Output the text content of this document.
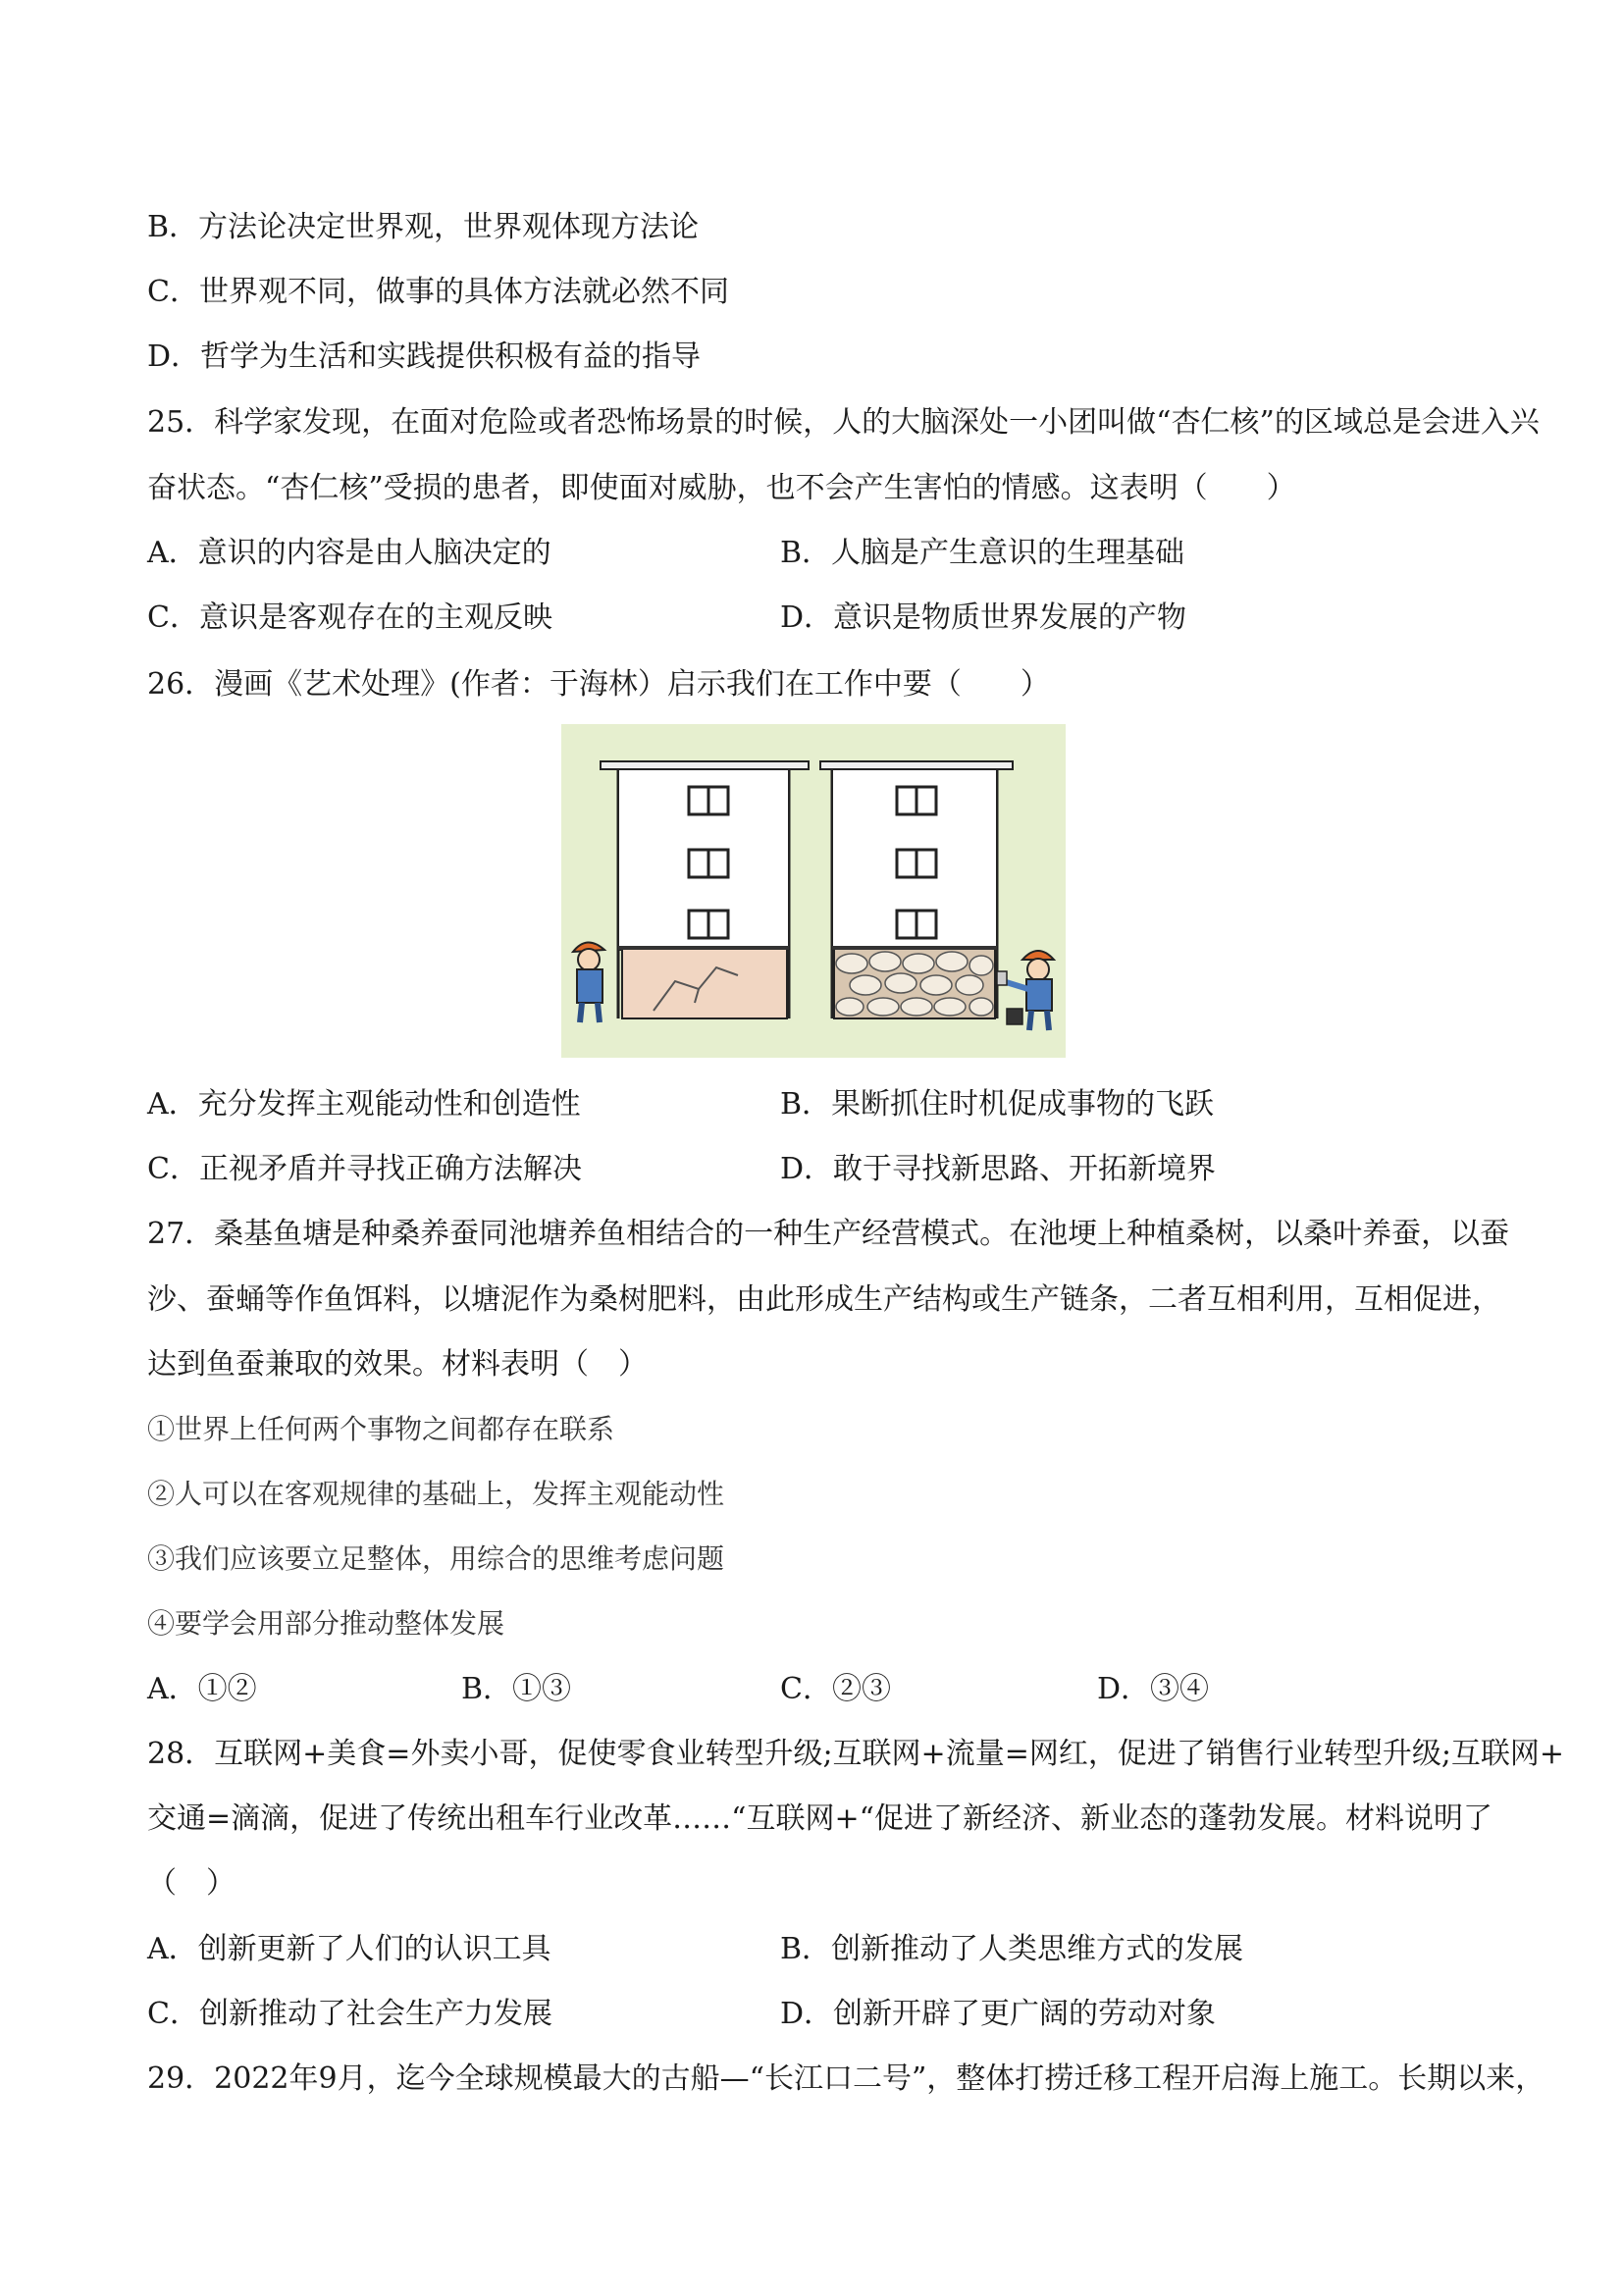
B．方法论决定世界观，世界观体现方法论
C．世界观不同，做事的具体方法就必然不同
D．哲学为生活和实践提供积极有益的指导
25．科学家发现，在面对危险或者恐怖场景的时候，人的大脑深处一小团叫做“杏仁核”的区域总是会进入兴
奋状态。“杏仁核”受损的患者，即使面对威胁，也不会产生害怕的情感。这表明（　　）
A．意识的内容是由人脑决定的	B．人脑是产生意识的生理基础
C．意识是客观存在的主观反映	D．意识是物质世界发展的产物
26．漫画《艺术处理》(作者：于海林）启示我们在工作中要（　　）
A．充分发挥主观能动性和创造性	B．果断抓住时机促成事物的飞跃
C．正视矛盾并寻找正确方法解决	D．敢于寻找新思路、开拓新境界
27．桑基鱼塘是种桑养蚕同池塘养鱼相结合的一种生产经营模式。在池埂上种植桑树，以桑叶养蚕，以蚕
沙、蚕蛹等作鱼饵料，以塘泥作为桑树肥料，由此形成生产结构或生产链条，二者互相利用，互相促进，
达到鱼蚕兼取的效果。材料表明（　）
①世界上任何两个事物之间都存在联系
②人可以在客观规律的基础上，发挥主观能动性
③我们应该要立足整体，用综合的思维考虑问题
④要学会用部分推动整体发展
A．①②	B．①③	C．②③	D．③④
28．互联网+美食=外卖小哥，促使零食业转型升级;互联网+流量=网红，促进了销售行业转型升级;互联网+
交通=滴滴，促进了传统出租车行业改革……“互联网+“促进了新经济、新业态的蓬勃发展。材料说明了
（　）
A．创新更新了人们的认识工具	B．创新推动了人类思维方式的发展
C．创新推动了社会生产力发展	D．创新开辟了更广阔的劳动对象
29．2022年9月，迄今全球规模最大的古船—“长江口二号”，整体打捞迁移工程开启海上施工。长期以来，
